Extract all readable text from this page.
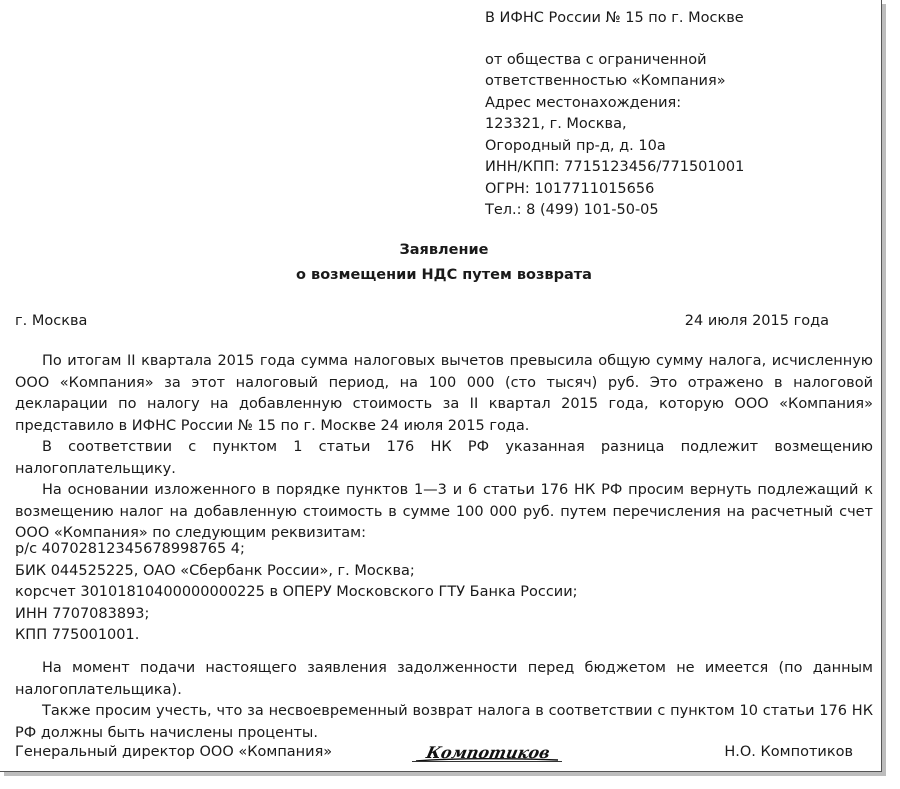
В ИФНС России № 15 по г. Москве
от общества с ограниченной
ответственностью «Компания»
Адрес местонахождения:
123321, г. Москва,
Огородный пр-д, д. 10а
ИНН/КПП: 7715123456/771501001
ОГРН: 1017711015656
Тел.: 8 (499) 101-50-05
Заявление
о возмещении НДС путем возврата
г. Москва	24 июля 2015 года

По итогам II квартала 2015 года сумма налоговых вычетов превысила общую сумму налога, исчисленную ООО «Компания» за этот налоговый период, на 100 000 (сто тысяч) руб. Это отражено в налоговой декларации по налогу на добавленную стоимость за II квартал 2015 года, которую ООО «Компания» представило в ИФНС России № 15 по г. Москве 24 июля 2015 года.

В соответствии с пунктом 1 статьи 176 НК РФ указанная разница подлежит возмещению налогоплательщику.

На основании изложенного в порядке пунктов 1—3 и 6 статьи 176 НК РФ просим вернуть подлежащий к возмещению налог на добавленную стоимость в сумме 100 000 руб. путем перечисления на расчетный счет ООО «Компания» по следующим реквизитам:

р/с 40702812345678998765 4;
БИК 044525225, ОАО «Сбербанк России», г. Москва;
корсчет 30101810400000000225 в ОПЕРУ Московского ГТУ Банка России;
ИНН 7707083893;
КПП 775001001.

На момент подачи настоящего заявления задолженности перед бюджетом не имеется (по данным налогоплательщика).

Также просим учесть, что за несвоевременный возврат налога в соответствии с пунктом 10 статьи 176 НК РФ должны быть начислены проценты.

Генеральный директор ООО «Компания»	Компотиков	Н.О. Компотиков
